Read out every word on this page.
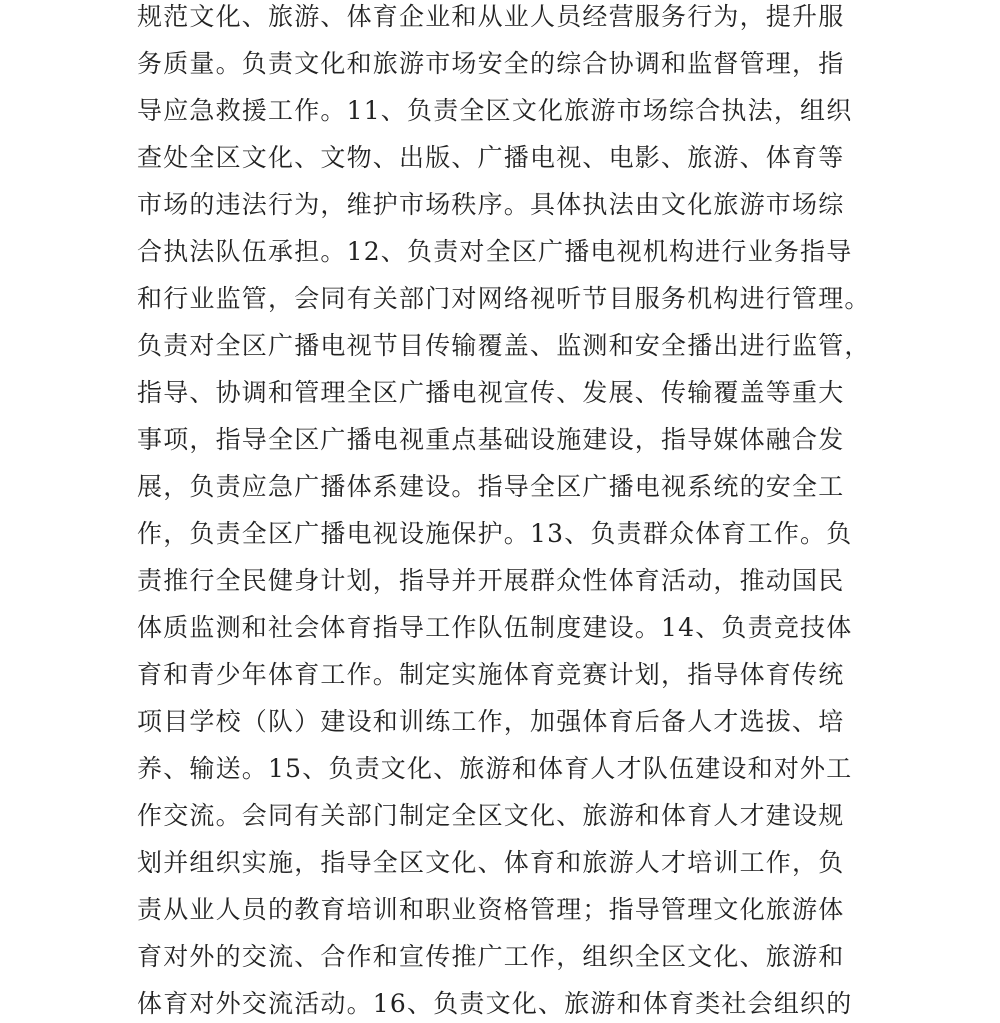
规范文化、旅游、体育企业和从业人员经营服务行为，提升服

务质量。负责文化和旅游市场安全的综合协调和监督管理，指

导应急救援工作。11、负责全区文化旅游市场综合执法，组织

查处全区文化、文物、出版、广播电视、电影、旅游、体育等

市场的违法行为，维护市场秩序。具体执法由文化旅游市场综

合执法队伍承担。12、负责对全区广播电视机构进行业务指导

和行业监管，会同有关部门对网络视听节目服务机构进行管理。

负责对全区广播电视节目传输覆盖、监测和安全播出进行监管，

指导、协调和管理全区广播电视宣传、发展、传输覆盖等重大

事项，指导全区广播电视重点基础设施建设，指导媒体融合发

展，负责应急广播体系建设。指导全区广播电视系统的安全工

作，负责全区广播电视设施保护。13、负责群众体育工作。负

责推行全民健身计划，指导并开展群众性体育活动，推动国民

体质监测和社会体育指导工作队伍制度建设。14、负责竞技体

育和青少年体育工作。制定实施体育竞赛计划，指导体育传统

项目学校（队）建设和训练工作，加强体育后备人才选拔、培

养、输送。15、负责文化、旅游和体育人才队伍建设和对外工

作交流。会同有关部门制定全区文化、旅游和体育人才建设规

划并组织实施，指导全区文化、体育和旅游人才培训工作，负

责从业人员的教育培训和职业资格管理；指导管理文化旅游体

育对外的交流、合作和宣传推广工作，组织全区文化、旅游和

体育对外交流活动。16、负责文化、旅游和体育类社会组织的
